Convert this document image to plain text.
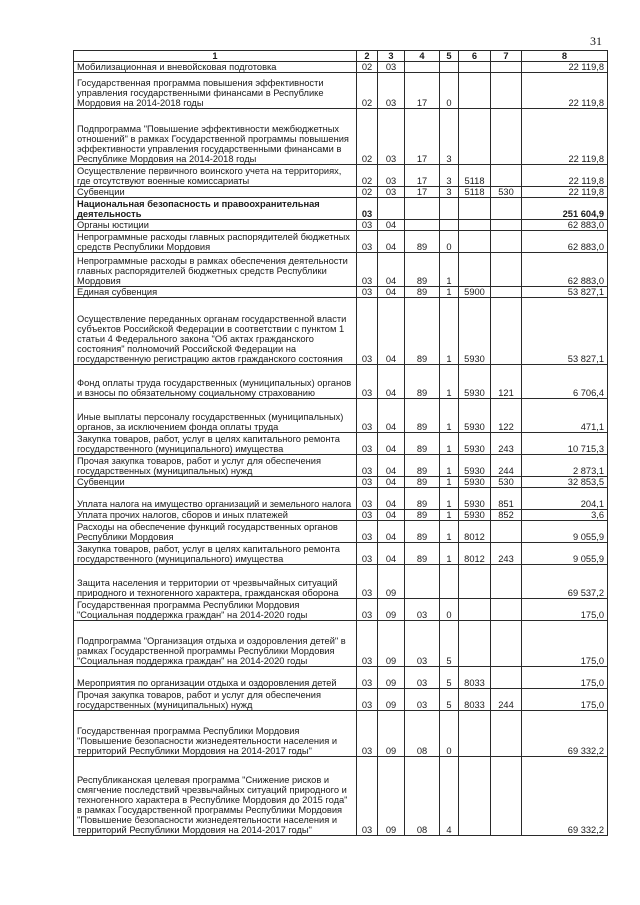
31
1	2	3	4	5	6	7	8
Мобилизационная и вневойсковая подготовка	02	03					22 119,8
Государственная программа повышения эффективности управления государственными финансами в Республике Мордовия на 2014-2018 годы	02	03	17	0			22 119,8
Подпрограмма "Повышение эффективности межбюджетных отношений" в рамках Государственной программы повышения эффективности управления государственными финансами в Республике Мордовия на 2014-2018 годы	02	03	17	3			22 119,8
Осуществление первичного воинского учета на территориях, где отсутствуют военные комиссариаты	02	03	17	3	5118		22 119,8
Субвенции	02	03	17	3	5118	530	22 119,8
Национальная безопасность и правоохранительная деятельность	03						251 604,9
Органы юстиции	03	04					62 883,0
Непрограммные расходы главных распорядителей бюджетных средств Республики Мордовия	03	04	89	0			62 883,0
Непрограммные расходы в рамках обеспечения деятельности главных распорядителей бюджетных средств Республики Мордовия	03	04	89	1			62 883,0
Единая субвенция	03	04	89	1	5900		53 827,1
Осуществление переданных органам государственной власти субъектов Российской Федерации в соответствии с пунктом 1 статьи 4 Федерального закона "Об актах гражданского состояния" полномочий Российской Федерации на государственную регистрацию актов гражданского состояния	03	04	89	1	5930		53 827,1
Фонд оплаты труда государственных (муниципальных) органов и взносы по обязательному социальному страхованию	03	04	89	1	5930	121	6 706,4
Иные выплаты персоналу государственных (муниципальных) органов, за исключением фонда оплаты труда	03	04	89	1	5930	122	471,1
Закупка товаров, работ, услуг в целях капитального ремонта государственного (муниципального) имущества	03	04	89	1	5930	243	10 715,3
Прочая закупка товаров, работ и услуг для обеспечения государственных (муниципальных) нужд	03	04	89	1	5930	244	2 873,1
Субвенции	03	04	89	1	5930	530	32 853,5
Уплата налога на имущество организаций и земельного налога	03	04	89	1	5930	851	204,1
Уплата прочих налогов, сборов и иных платежей	03	04	89	1	5930	852	3,6
Расходы на обеспечение функций государственных органов Республики Мордовия	03	04	89	1	8012		9 055,9
Закупка товаров, работ, услуг в целях капитального ремонта государственного (муниципального) имущества	03	04	89	1	8012	243	9 055,9
Защита населения и территории от чрезвычайных ситуаций природного и техногенного характера, гражданская оборона	03	09					69 537,2
Государственная программа Республики Мордовия "Социальная поддержка граждан" на 2014-2020 годы	03	09	03	0			175,0
Подпрограмма "Организация отдыха и оздоровления детей" в рамках Государственной программы Республики Мордовия "Социальная поддержка граждан" на 2014-2020 годы	03	09	03	5			175,0
Мероприятия по организации отдыха и оздоровления детей	03	09	03	5	8033		175,0
Прочая закупка товаров, работ и услуг для обеспечения государственных (муниципальных) нужд	03	09	03	5	8033	244	175,0
Государственная программа Республики Мордовия "Повышение безопасности жизнедеятельности населения и территорий Республики Мордовия на 2014-2017 годы"	03	09	08	0			69 332,2
Республиканская целевая программа "Снижение рисков и смягчение последствий чрезвычайных ситуаций природного и техногенного характера в Республике Мордовия до 2015 года" в рамках Государственной программы Республики Мордовия "Повышение безопасности жизнедеятельности населения и территорий Республики Мордовия на 2014-2017 годы"	03	09	08	4			69 332,2
